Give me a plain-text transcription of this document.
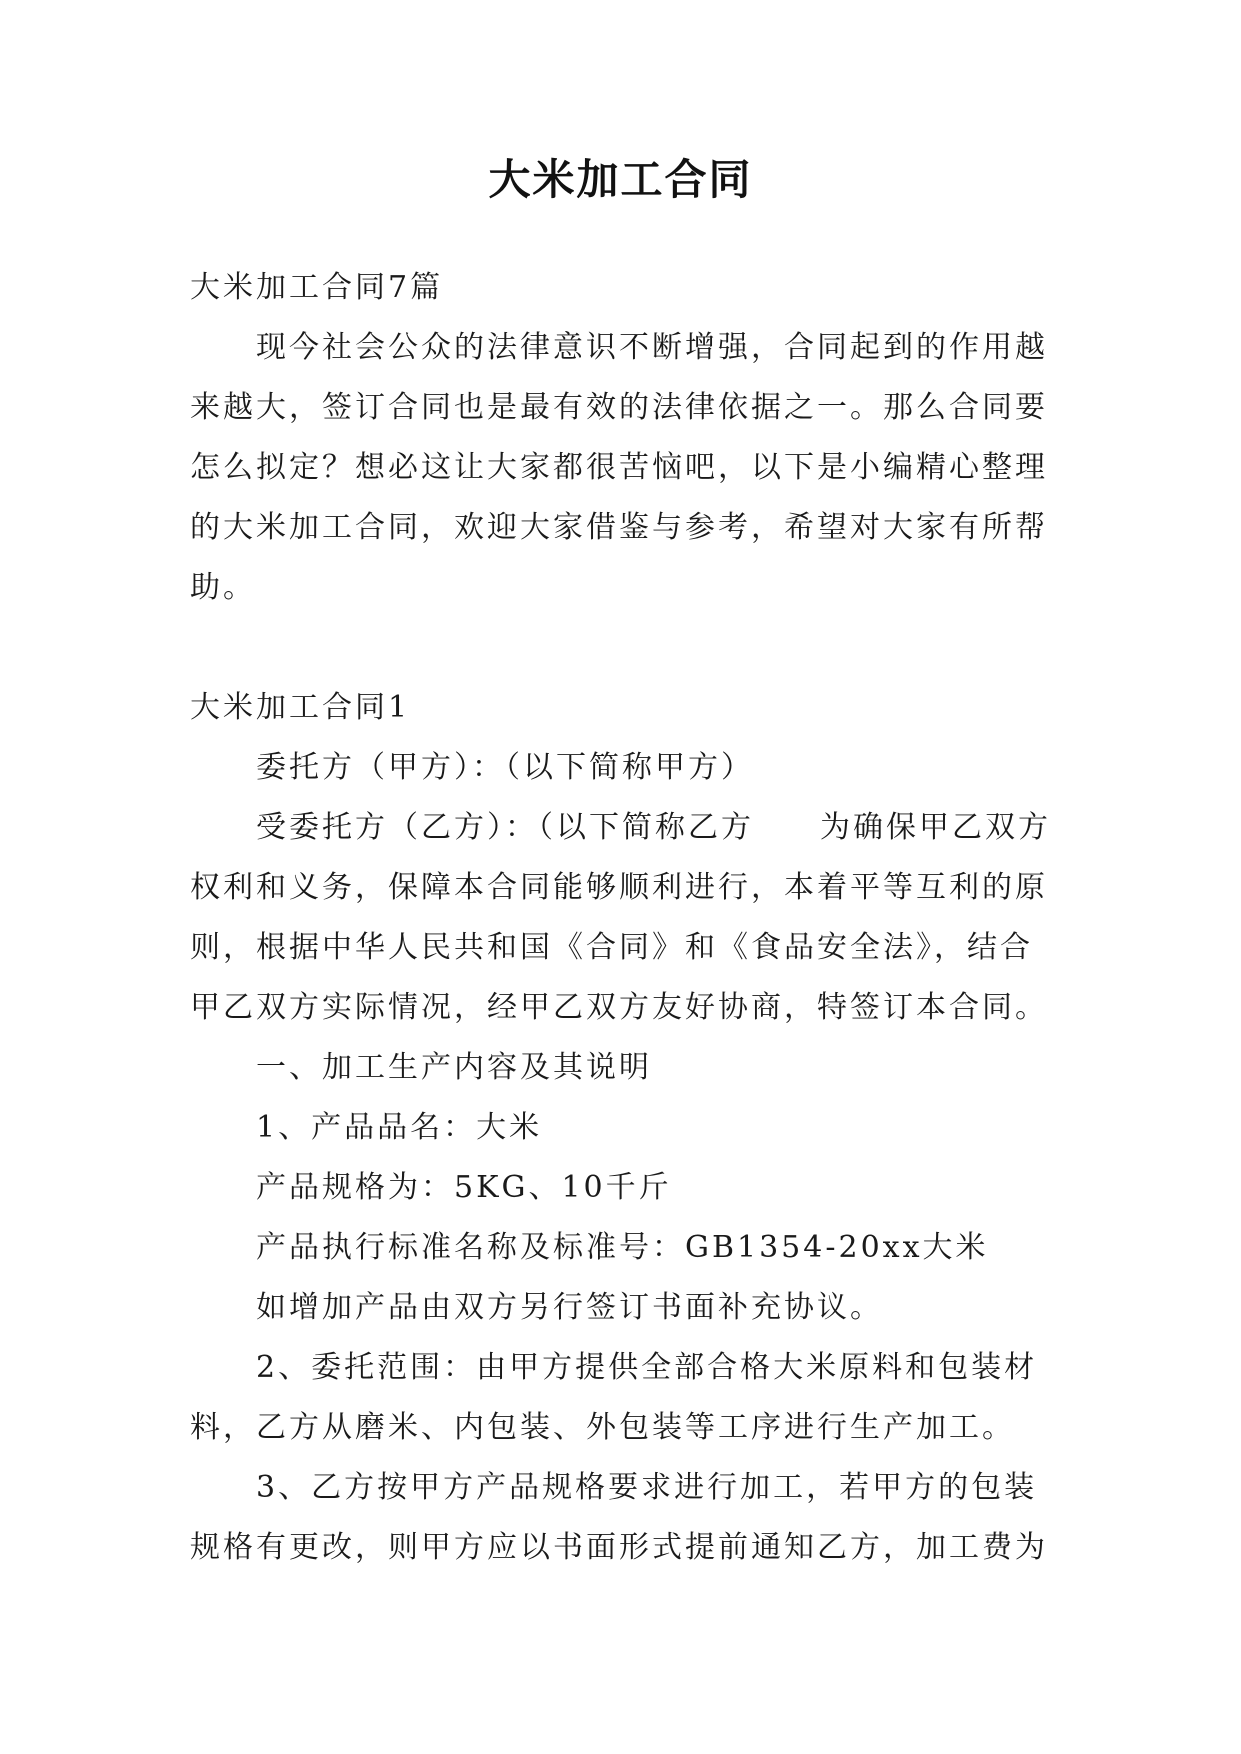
大米加工合同

大米加工合同7篇

现今社会公众的法律意识不断增强，合同起到的作用越来越大，签订合同也是最有效的法律依据之一。那么合同要怎么拟定？想必这让大家都很苦恼吧，以下是小编精心整理的大米加工合同，欢迎大家借鉴与参考，希望对大家有所帮助。

大米加工合同1

委托方（甲方）：（以下简称甲方）

受委托方（乙方）：（以下简称乙方　　为确保甲乙双方权利和义务，保障本合同能够顺利进行，本着平等互利的原则，根据中华人民共和国《合同》和《食品安全法》，结合甲乙双方实际情况，经甲乙双方友好协商，特签订本合同。

一、加工生产内容及其说明

1、产品品名：大米

产品规格为：5KG、10千斤

产品执行标准名称及标准号：GB1354-20xx大米

如增加产品由双方另行签订书面补充协议。

2、委托范围：由甲方提供全部合格大米原料和包装材料，乙方从磨米、内包装、外包装等工序进行生产加工。

3、乙方按甲方产品规格要求进行加工，若甲方的包装规格有更改，则甲方应以书面形式提前通知乙方，加工费为
